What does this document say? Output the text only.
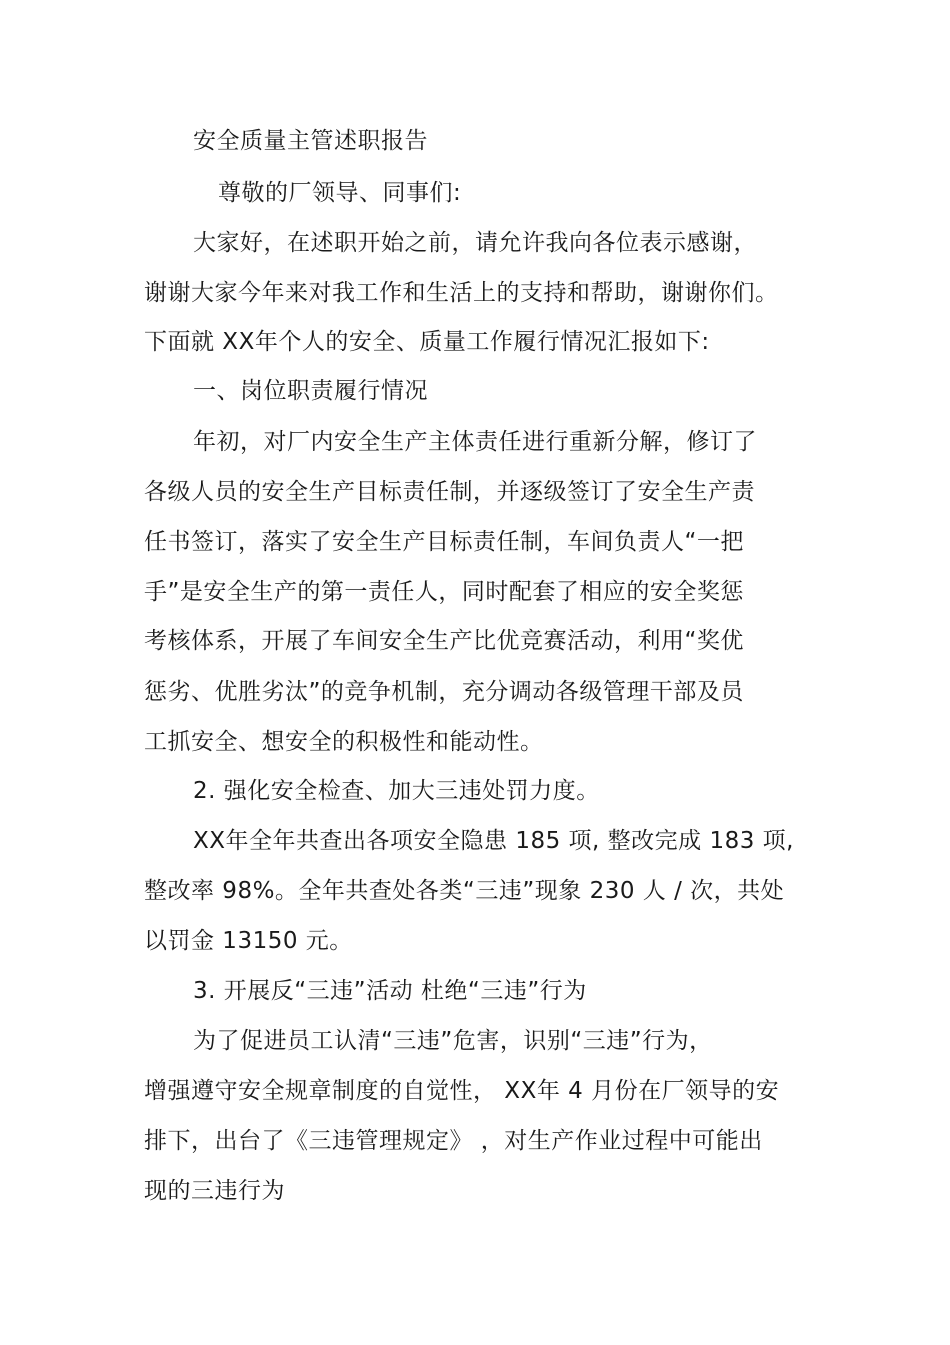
安全质量主管述职报告
尊敬的厂领导、同事们:
大家好，在述职开始之前，请允许我向各位表示感谢，
谢谢大家今年来对我工作和生活上的支持和帮助，谢谢你们。
下面就 XX年个人的安全、质量工作履行情况汇报如下:
一、岗位职责履行情况
年初，对厂内安全生产主体责任进行重新分解，修订了
各级人员的安全生产目标责任制，并逐级签订了安全生产责
任书签订，落实了安全生产目标责任制，车间负责人“一把
手”是安全生产的第一责任人，同时配套了相应的安全奖惩
考核体系，开展了车间安全生产比优竞赛活动，利用“奖优
惩劣、优胜劣汰”的竞争机制，充分调动各级管理干部及员
工抓安全、想安全的积极性和能动性。
2. 强化安全检查、加大三违处罚力度。
XX年全年共查出各项安全隐患 185 项, 整改完成 183 项,
整改率 98%。全年共查处各类“三违”现象 230 人 / 次，共处
以罚金 13150 元。
3. 开展反“三违”活动 杜绝“三违”行为
为了促进员工认清“三违”危害，识别“三违”行为，
增强遵守安全规章制度的自觉性， XX年 4 月份在厂领导的安
排下，出台了《三违管理规定》 ，对生产作业过程中可能出
现的三违行为
